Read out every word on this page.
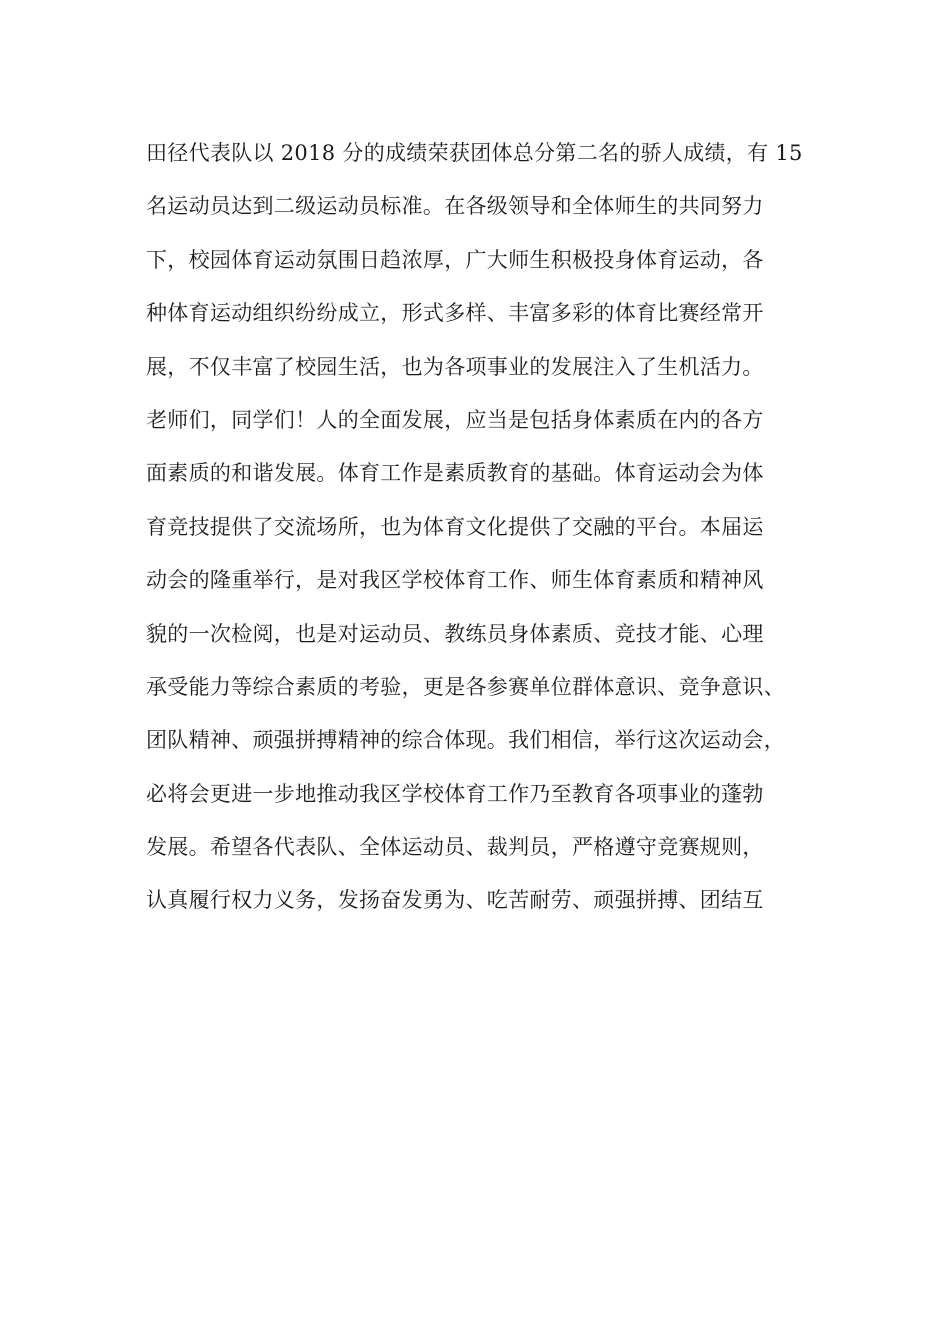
田径代表队以 2018 分的成绩荣获团体总分第二名的骄人成绩，有 15
名运动员达到二级运动员标准。在各级领导和全体师生的共同努力
下，校园体育运动氛围日趋浓厚，广大师生积极投身体育运动，各
种体育运动组织纷纷成立，形式多样、丰富多彩的体育比赛经常开
展，不仅丰富了校园生活，也为各项事业的发展注入了生机活力。
老师们，同学们！人的全面发展，应当是包括身体素质在内的各方
面素质的和谐发展。体育工作是素质教育的基础。体育运动会为体
育竞技提供了交流场所，也为体育文化提供了交融的平台。本届运
动会的隆重举行，是对我区学校体育工作、师生体育素质和精神风
貌的一次检阅，也是对运动员、教练员身体素质、竞技才能、心理
承受能力等综合素质的考验，更是各参赛单位群体意识、竞争意识、
团队精神、顽强拼搏精神的综合体现。我们相信，举行这次运动会，
必将会更进一步地推动我区学校体育工作乃至教育各项事业的蓬勃
发展。希望各代表队、全体运动员、裁判员，严格遵守竞赛规则，
认真履行权力义务，发扬奋发勇为、吃苦耐劳、顽强拼搏、团结互
